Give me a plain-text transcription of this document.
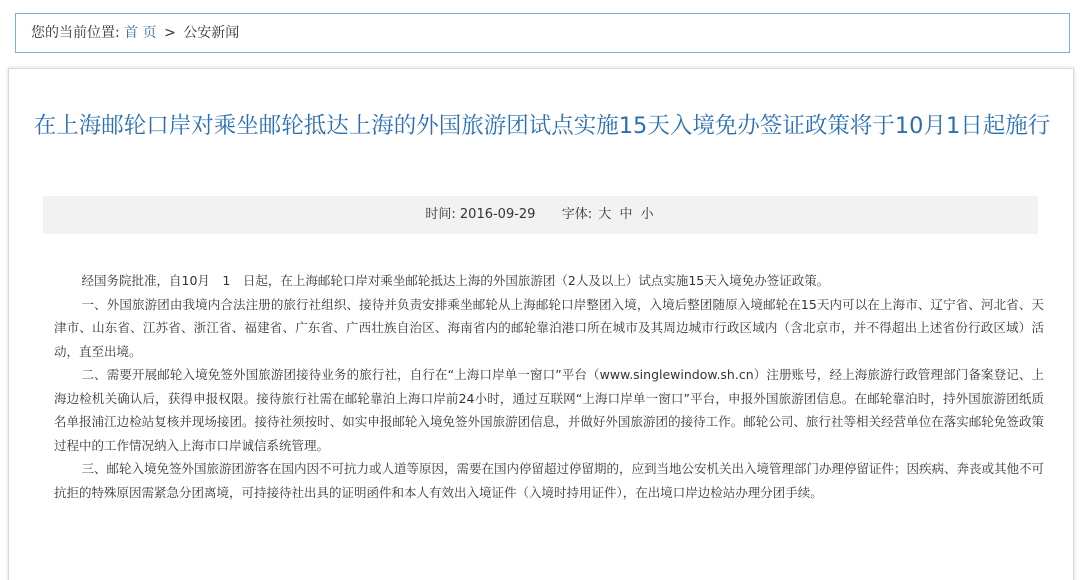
您的当前位置: 首 页 > 公安新闻
在上海邮轮口岸对乘坐邮轮抵达上海的外国旅游团试点实施15天入境免办签证政策将于10月1日起施行
时间: 2016-09-29 字体: 大 中 小

经国务院批准，自10月　1　日起，在上海邮轮口岸对乘坐邮轮抵达上海的外国旅游团（2人及以上）试点实施15天入境免办签证政策。

一、外国旅游团由我境内合法注册的旅行社组织、接待并负责安排乘坐邮轮从上海邮轮口岸整团入境，入境后整团随原入境邮轮在15天内可以在上海市、辽宁省、河北省、天津市、山东省、江苏省、浙江省、福建省、广东省、广西壮族自治区、海南省内的邮轮靠泊港口所在城市及其周边城市行政区域内（含北京市，并不得超出上述省份行政区域）活动，直至出境。

二、需要开展邮轮入境免签外国旅游团接待业务的旅行社，自行在“上海口岸单一窗口”平台（www.singlewindow.sh.cn）注册账号，经上海旅游行政管理部门备案登记、上海边检机关确认后，获得申报权限。接待旅行社需在邮轮靠泊上海口岸前24小时，通过互联网“上海口岸单一窗口”平台，申报外国旅游团信息。在邮轮靠泊时，持外国旅游团纸质名单报浦江边检站复核并现场接团。接待社须按时、如实申报邮轮入境免签外国旅游团信息，并做好外国旅游团的接待工作。邮轮公司、旅行社等相关经营单位在落实邮轮免签政策过程中的工作情况纳入上海市口岸诚信系统管理。

三、邮轮入境免签外国旅游团游客在国内因不可抗力或人道等原因，需要在国内停留超过停留期的，应到当地公安机关出入境管理部门办理停留证件；因疾病、奔丧或其他不可抗拒的特殊原因需紧急分团离境，可持接待社出具的证明函件和本人有效出入境证件（入境时持用证件），在出境口岸边检站办理分团手续。
